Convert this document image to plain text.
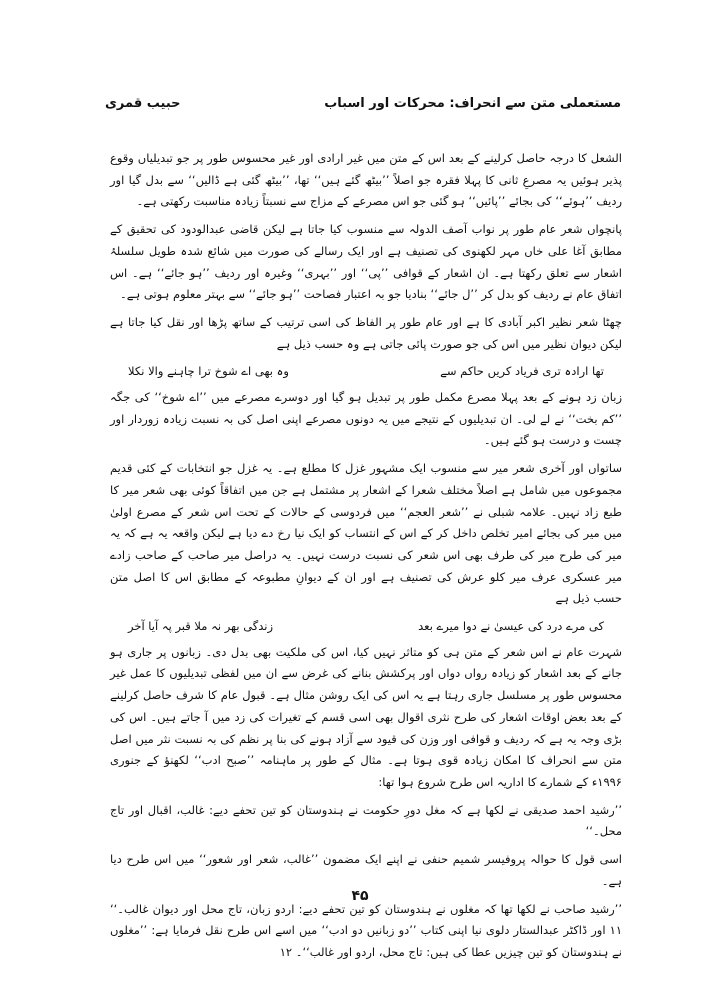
حبیب قمری	مستعملی متن سے انحراف: محرکات اور اسباب

الشعل کا درجہ حاصل کرلینے کے بعد اس کے متن میں غیر ارادی اور غیر محسوس طور پر جو تبدیلیاں وقوع پذیر ہوئیں یہ مصرعِ ثانی کا پہلا فقرہ جو اصلاً ’’بیٹھ گئے ہیں‘‘ تھا، ’’بیٹھ گئی ہے ڈالیں‘‘ سے بدل گیا اور ردیف ’’ہوئے‘‘ کی بجائے ’’پائیں‘‘ ہو گئی جو اس مصرعے کے مزاج سے نسبتاً زیادہ مناسبت رکھتی ہے۔

پانچواں شعر عام طور پر نواب آصف الدولہ سے منسوب کیا جاتا ہے لیکن قاضی عبدالودود کی تحقیق کے مطابق آغا علی خاں مہر لکھنوی کی تصنیف ہے اور ایک رسالے کی صورت میں شائع شدہ طویل سلسلۂ اشعار سے تعلق رکھتا ہے۔ ان اشعار کے قوافی ’’پی‘‘ اور ’’بہری‘‘ وغیرہ اور ردیف ’’ہو جائے‘‘ ہے۔ اس اتفاق عام نے ردیف کو بدل کر ’’ل جائے‘‘ بنادیا جو بہ اعتبار فصاحت ’’ہو جائے‘‘ سے بہتر معلوم ہوتی ہے۔

چھٹا شعر نظیر اکبر آبادی کا ہے اور عام طور پر الفاظ کی اسی ترتیب کے ساتھ پڑھا اور نقل کیا جاتا ہے لیکن دیوان نظیر میں اس کی جو صورت پائی جاتی ہے وہ حسب ذیل ہے

تھا ارادہ تری فریاد کریں حاکم سے
وہ بھی اے شوخ ترا چاہنے والا نکلا

زبان زد ہونے کے بعد پہلا مصرع مکمل طور پر تبدیل ہو گیا اور دوسرے مصرعے میں ’’اے شوخ‘‘ کی جگہ ’’کم بخت‘‘ نے لے لی۔ ان تبدیلیوں کے نتیجے میں یہ دونوں مصرعے اپنی اصل کی بہ نسبت زیادہ زوردار اور چست و درست ہو گئے ہیں۔

ساتواں اور آخری شعر میر سے منسوب ایک مشہور غزل کا مطلع ہے۔ یہ غزل جو انتخابات کے کئی قدیم مجموعوں میں شامل ہے اصلاً مختلف شعرا کے اشعار پر مشتمل ہے جن میں اتفاقاً کوئی بھی شعر میر کا طبع زاد نہیں۔ علامہ شبلی نے ’’شعر العجم‘‘ میں فردوسی کے حالات کے تحت اس شعر کے مصرع اولیٰ میں میر کی بجائے امیر تخلص داخل کر کے اس کے انتساب کو ایک نیا رخ دے دیا ہے لیکن واقعہ یہ ہے کہ یہ میر کی طرح میر کی طرف بھی اس شعر کی نسبت درست نہیں۔ یہ دراصل میر صاحب کے صاحب زادے میر عسکری عرف میر کلو عرش کی تصنیف ہے اور ان کے دیوانِ مطبوعہ کے مطابق اس کا اصل متن حسب ذیل ہے

کی مرے درد کی عیسیٰ نے دوا میرے بعد
زندگی بھر نہ ملا قبر پہ آیا آخر

شہرت عام نے اس شعر کے متن ہی کو متاثر نہیں کیا، اس کی ملکیت بھی بدل دی۔ زبانوں پر جاری ہو جانے کے بعد اشعار کو زیادہ رواں دواں اور پرکشش بنانے کی غرض سے ان میں لفظی تبدیلیوں کا عمل غیر محسوس طور پر مسلسل جاری رہتا ہے یہ اس کی ایک روشن مثال ہے۔ قبول عام کا شرف حاصل کرلینے کے بعد بعض اوقات اشعار کی طرح نثری اقوال بھی اسی قسم کے تغیرات کی زد میں آ جاتے ہیں۔ اس کی بڑی وجہ یہ ہے کہ ردیف و قوافی اور وزن کی قیود سے آزاد ہونے کی بنا پر نظم کی بہ نسبت نثر میں اصل متن سے انحراف کا امکان زیادہ قوی ہوتا ہے۔ مثال کے طور پر ماہنامہ ’’صبح ادب‘‘ لکھنؤ کے جنوری ۱۹۹۶ء کے شمارے کا اداریہ اس طرح شروع ہوا تھا:

’’رشید احمد صدیقی نے لکھا ہے کہ مغل دورِ حکومت نے ہندوستان کو تین تحفے دیے: غالب، اقبال اور تاج محل۔‘‘

اسی قول کا حوالہ پروفیسر شمیم حنفی نے اپنے ایک مضمون ’’غالب، شعر اور شعور‘‘ میں اس طرح دیا ہے۔

’’رشید صاحب نے لکھا تھا کہ مغلوں نے ہندوستان کو تین تحفے دیے: اردو زبان، تاج محل اور دیوان غالب۔‘‘ ۱۱ اور ڈاکٹر عبدالستار دلوی نیا اپنی کتاب ’’دو زبانیں دو ادب‘‘ میں اسے اس طرح نقل فرمایا ہے: ’’مغلوں نے ہندوستان کو تین چیزیں عطا کی ہیں: تاج محل، اردو اور غالب‘‘۔ ۱۲

۴۵
